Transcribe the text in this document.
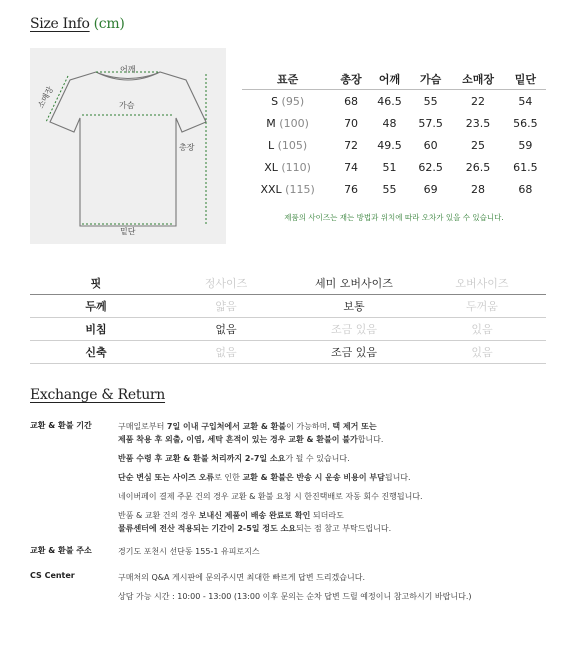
Size Info (cm)
어깨
소매장	가슴
총장
밑단
표준	총장	어깨	가슴	소매장	밑단
S (95)	68	46.5	55	22	54
M (100)	70	48	57.5	23.5	56.5
L (105)	72	49.5	60	25	59
XL (110)	74	51	62.5	26.5	61.5
XXL (115)	76	55	69	28	68
제품의 사이즈는 재는 방법과 위치에 따라 오차가 있을 수 있습니다.
핏	정사이즈	세미 오버사이즈	오버사이즈
두께	얇음	보통	두꺼움
비침	없음	조금 있음	있음
신축	없음	조금 있음	있음
Exchange & Return
교환 & 환불 기간	구매일로부터 7일 이내 구입처에서 교환 & 환불이 가능하며, 택 제거 또는
제품 착용 후 외출, 이염, 세탁 흔적이 있는 경우 교환 & 환불이 불가합니다.

반품 수령 후 교환 & 환불 처리까지 2-7일 소요가 될 수 있습니다.

단순 변심 또는 사이즈 오류로 인한 교환 & 환불은 반송 시 운송 비용이 부담됩니다.

네이버페이 결제 주문 건의 경우 교환 & 환불 요청 시 한진택배로 자동 회수 진행됩니다.

반품 & 교환 건의 경우 보내신 제품이 배송 완료로 확인 되더라도
물류센터에 전산 적용되는 기간이 2-5일 정도 소요되는 점 참고 부탁드립니다.

교환 & 환불 주소	경기도 포천시 선단동 155-1 유피로지스

CS Center	구매처의 Q&A 게시판에 문의주시면 최대한 빠르게 답변 드리겠습니다.

상담 가능 시간 : 10:00 - 13:00 (13:00 이후 문의는 순차 답변 드릴 예정이니 참고하시기 바랍니다.)
